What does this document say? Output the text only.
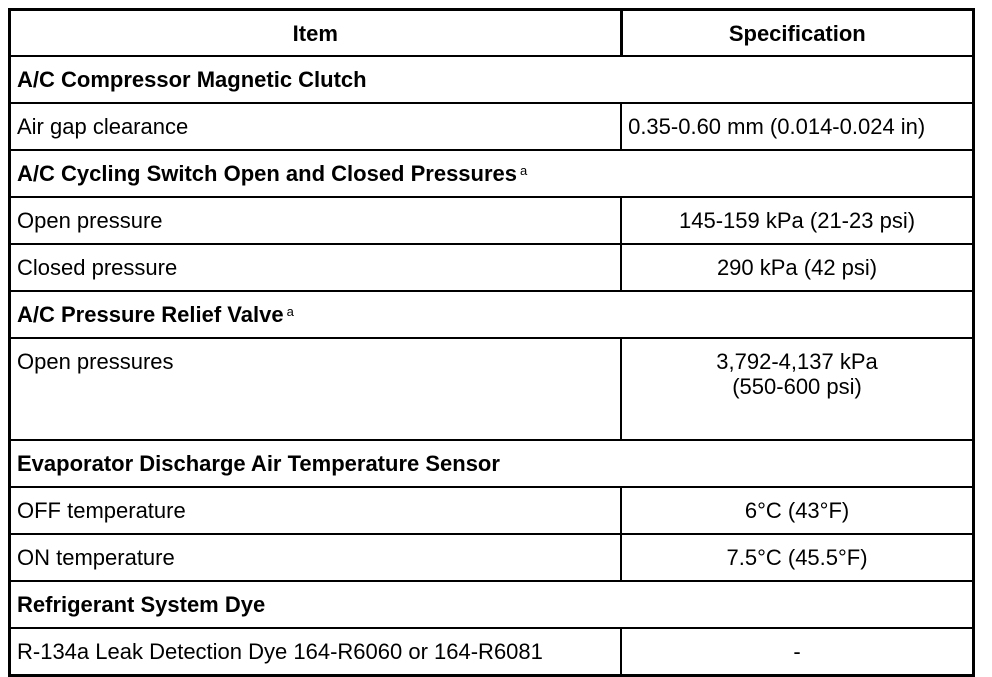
Item	Specification
A/C Compressor Magnetic Clutch	
Air gap clearance	0.35-0.60 mm (0.014-0.024 in)
A/C Cycling Switch Open and Closed Pressures $^a$
Open pressure	145-159 kPa (21-23 psi)
Closed pressure	290 kPa (42 psi)
A/C Pressure Relief Valve $^a$
Open pressures	3,792-4,137 kPa
(550-600 psi)

Evaporator Discharge Air Temperature Sensor	
OFF temperature	6°C (43°F)
ON temperature	7.5°C (45.5°F)
Refrigerant System Dye	
R-134a Leak Detection Dye 164-R6060 or 164-R6081	-
